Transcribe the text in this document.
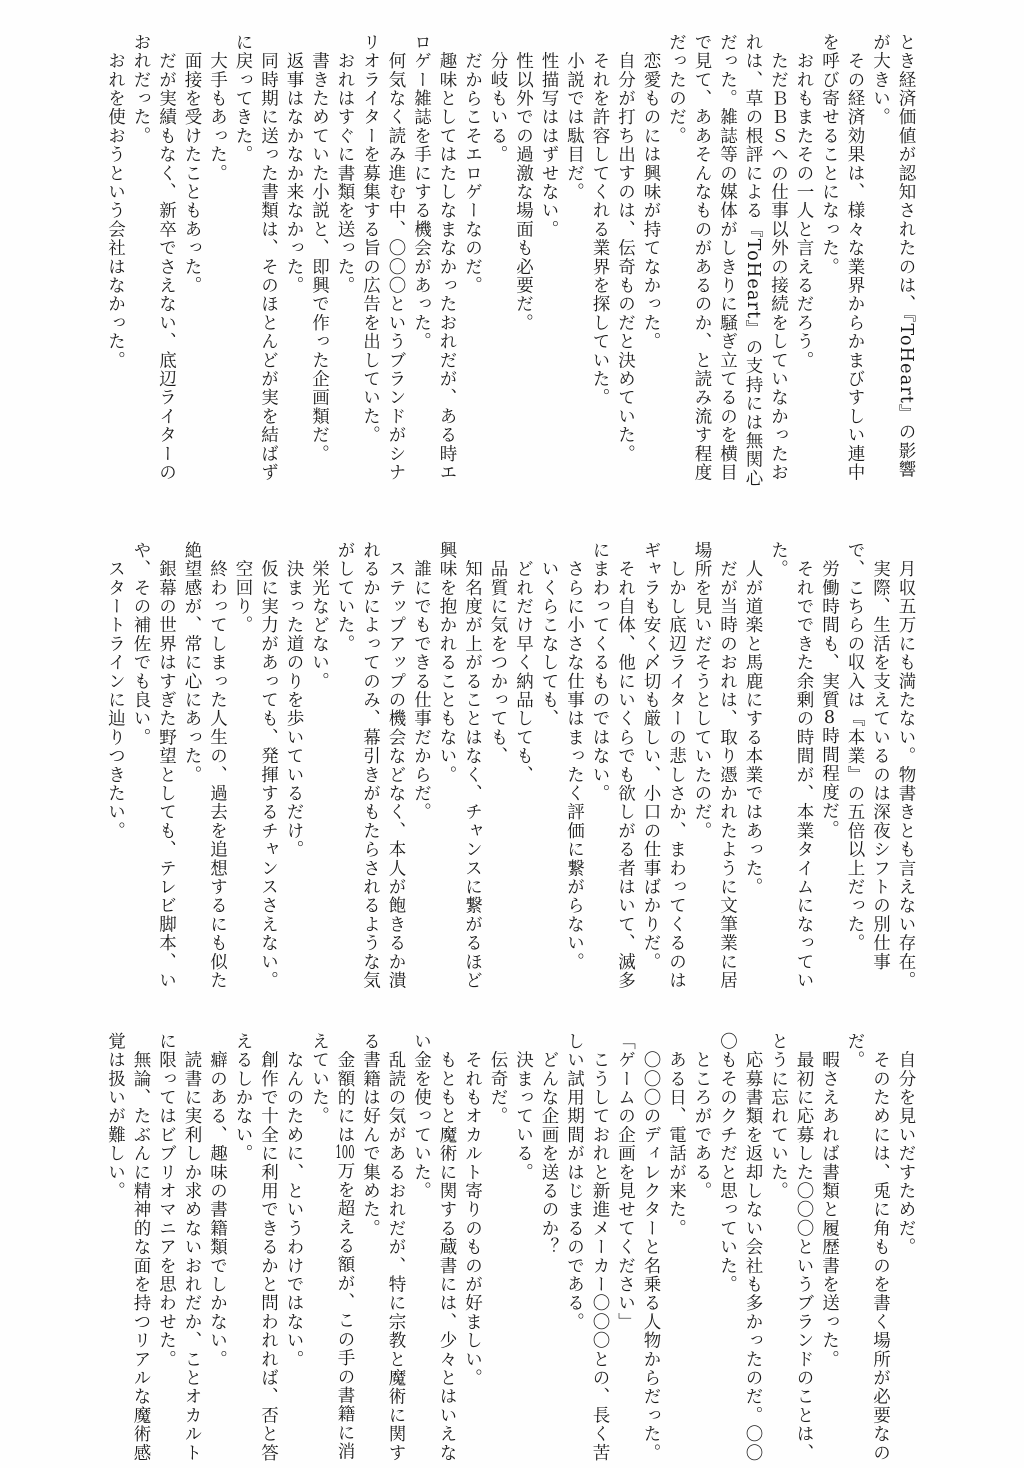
とき経済価値が認知されたのは、『ToHeart』の影響が大きい。

　その経済効果は、様々な業界からかまびすしい連中を呼び寄せることになった。

　おれもまたその一人と言えるだろう。

　ただＢＢＳへの仕事以外の接続をしていなかったおれは、草の根評による『ToHeart』の支持には無関心だった。雑誌等の媒体がしきりに騒ぎ立てるのを横目で見て、ああそんなものがあるのか、と読み流す程度だったのだ。

　恋愛ものには興味が持てなかった。

　自分が打ち出すのは、伝奇ものだと決めていた。

　それを許容してくれる業界を探していた。

　小説では駄目だ。

　性描写ははずせない。

　性以外での過激な場面も必要だ。

　分岐もいる。

　だからこそエロゲーなのだ。

　趣味としてはたしなまなかったおれだが、ある時エロゲー雑誌を手にする機会があった。

　何気なく読み進む中、〇〇〇というブランドがシナリオライターを募集する旨の広告を出していた。

　おれはすぐに書類を送った。

　書きためていた小説と、即興で作った企画類だ。

　返事はなかなか来なかった。

　同時期に送った書類は、そのほとんどが実を結ばずに戻ってきた。

　大手もあった。

　面接を受けたこともあった。

　だが実績もなく、新卒でさえない、底辺ライターのおれだった。

　おれを使おうという会社はなかった。

　月収五万にも満たない。物書きとも言えない存在。

　実際、生活を支えているのは深夜シフトの別仕事で、こちらの収入は『本業』の五倍以上だった。

　労働時間も、実質8時間程度だ。

　それでできた余剰の時間が、本業タイムになっていた。

　人が道楽と馬鹿にする本業ではあった。

　だが当時のおれは、取り憑かれたように文筆業に居場所を見いだそうとしていたのだ。

　しかし底辺ライターの悲しさか、まわってくるのはギャラも安く〆切も厳しい、小口の仕事ばかりだ。

　それ自体、他にいくらでも欲しがる者はいて、滅多にまわってくるものではない。

　さらに小さな仕事はまったく評価に繋がらない。

　いくらこなしても、

　どれだけ早く納品しても、

　品質に気をつかっても、

　知名度が上がることはなく、チャンスに繋がるほど興味を抱かれることもない。

　誰にでもできる仕事だからだ。

　ステップアップの機会などなく、本人が飽きるか潰れるかによってのみ、幕引きがもたらされるような気がしていた。

　栄光などない。

　決まった道のりを歩いているだけ。

　仮に実力があっても、発揮するチャンスさえない。

　空回り。

　終わってしまった人生の、過去を追想するにも似た絶望感が、常に心にあった。

　銀幕の世界はすぎた野望としても、テレビ脚本、いや、その補佐でも良い。

　スタートラインに辿りつきたい。

　自分を見いだすためだ。

　そのためには、兎に角ものを書く場所が必要なのだ。

　暇さえあれば書類と履歴書を送った。

　最初に応募した〇〇〇というブランドのことは、とうに忘れていた。

　応募書類を返却しない会社も多かったのだ。〇〇〇もそのクチだと思っていた。

　ところがである。

　ある日、電話が来た。

　〇〇〇のディレクターと名乗る人物からだった。

「ゲームの企画を見せてください」

　こうしておれと新進メーカー〇〇〇との、長く苦しい試用期間がはじまるのである。

　どんな企画を送るのか？

　決まっている。

　伝奇だ。

　それもオカルト寄りのものが好ましい。

　もともと魔術に関する蔵書には、少々とはいえない金を使っていた。

　乱読の気があるおれだが、特に宗教と魔術に関する書籍は好んで集めた。

　金額的には100万を超える額が、この手の書籍に消えていた。

　なんのために、というわけではない。

　創作で十全に利用できるかと問われれば、否と答えるしかない。

　癖のある、趣味の書籍類でしかない。

　読書に実利しか求めないおれだか、ことオカルトに限ってはビブリオマニアを思わせた。

　無論、たぶんに精神的な面を持つリアルな魔術感覚は扱いが難しい。
